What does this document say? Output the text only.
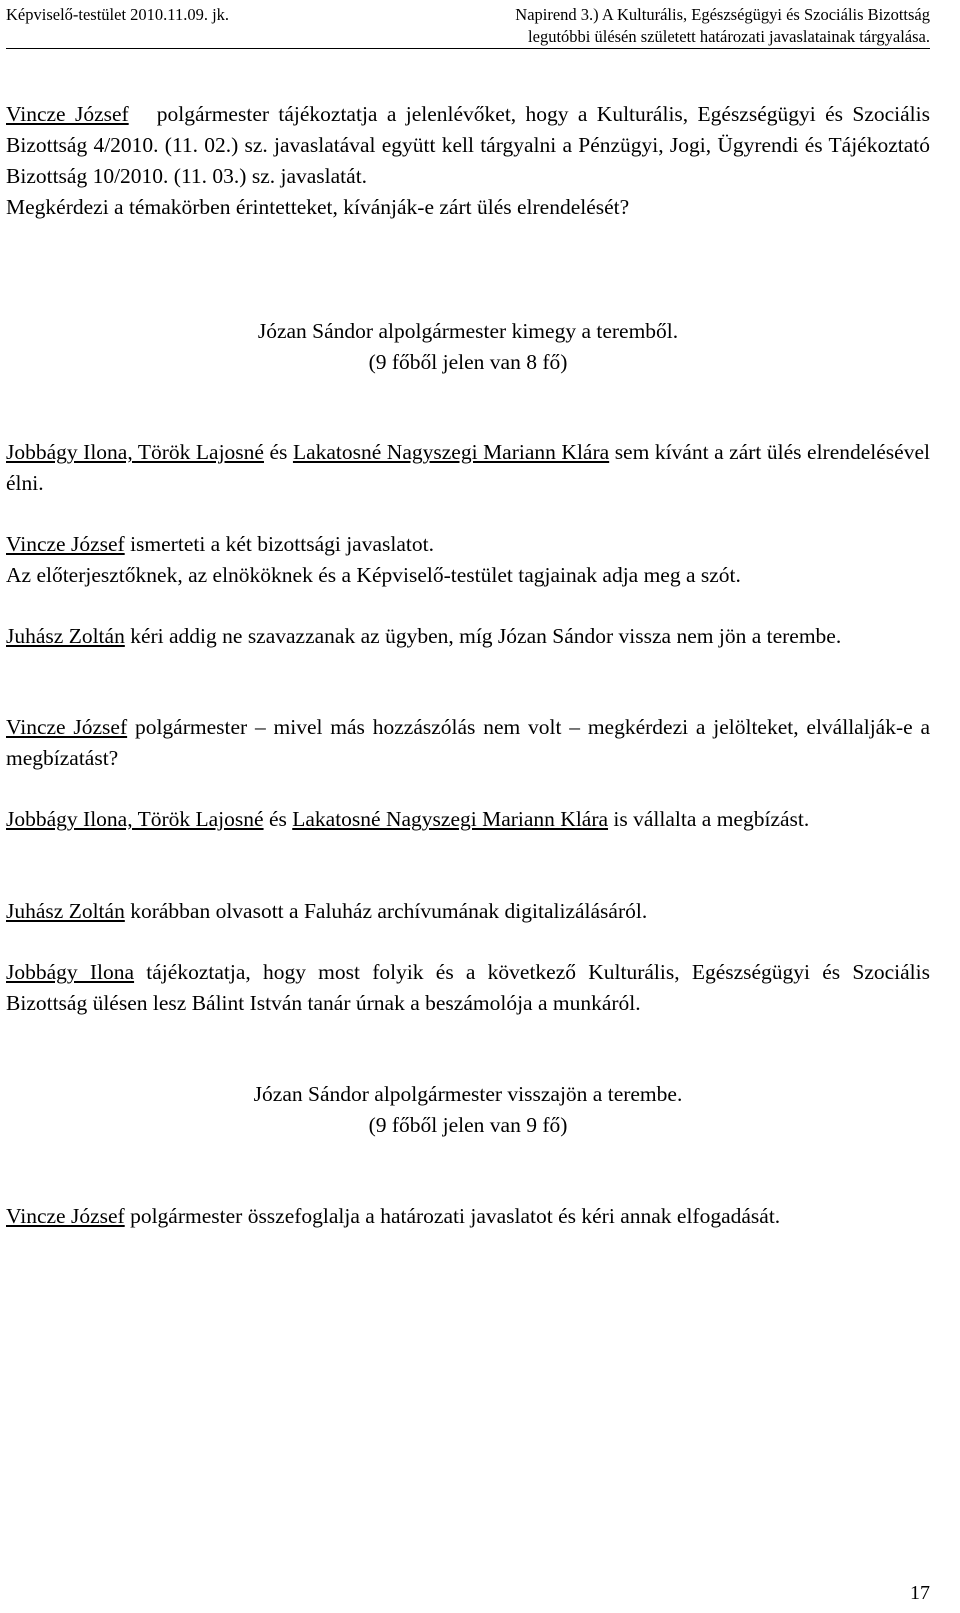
Képviselő-testület 2010.11.09. jk.	Napirend 3.) A Kulturális, Egészségügyi és Szociális Bizottság
legutóbbi ülésén született határozati javaslatainak tárgyalása.

Vincze József polgármester tájékoztatja a jelenlévőket, hogy a Kulturális, Egészségügyi és Szociális Bizottság 4/2010. (11. 02.) sz. javaslatával együtt kell tárgyalni a Pénzügyi, Jogi, Ügyrendi és Tájékoztató Bizottság 10/2010. (11. 03.) sz. javaslatát.
Megkérdezi a témakörben érintetteket, kívánják-e zárt ülés elrendelését?

Józan Sándor alpolgármester kimegy a teremből.
(9 főből jelen van 8 fő)

Jobbágy Ilona, Török Lajosné és Lakatosné Nagyszegi Mariann Klára sem kívánt a zárt ülés elrendelésével élni.

Vincze József ismerteti a két bizottsági javaslatot.
Az előterjesztőknek, az elnököknek és a Képviselő-testület tagjainak adja meg a szót.

Juhász Zoltán kéri addig ne szavazzanak az ügyben, míg Józan Sándor vissza nem jön a terembe.

Vincze József polgármester – mivel más hozzászólás nem volt – megkérdezi a jelölteket, elvállalják-e a megbízatást?

Jobbágy Ilona, Török Lajosné és Lakatosné Nagyszegi Mariann Klára is vállalta a megbízást.

Juhász Zoltán korábban olvasott a Faluház archívumának digitalizálásáról.

Jobbágy Ilona tájékoztatja, hogy most folyik és a következő Kulturális, Egészségügyi és Szociális Bizottság ülésen lesz Bálint István tanár úrnak a beszámolója a munkáról.

Józan Sándor alpolgármester visszajön a terembe.
(9 főből jelen van 9 fő)

Vincze József polgármester összefoglalja a határozati javaslatot és kéri annak elfogadását.

17
